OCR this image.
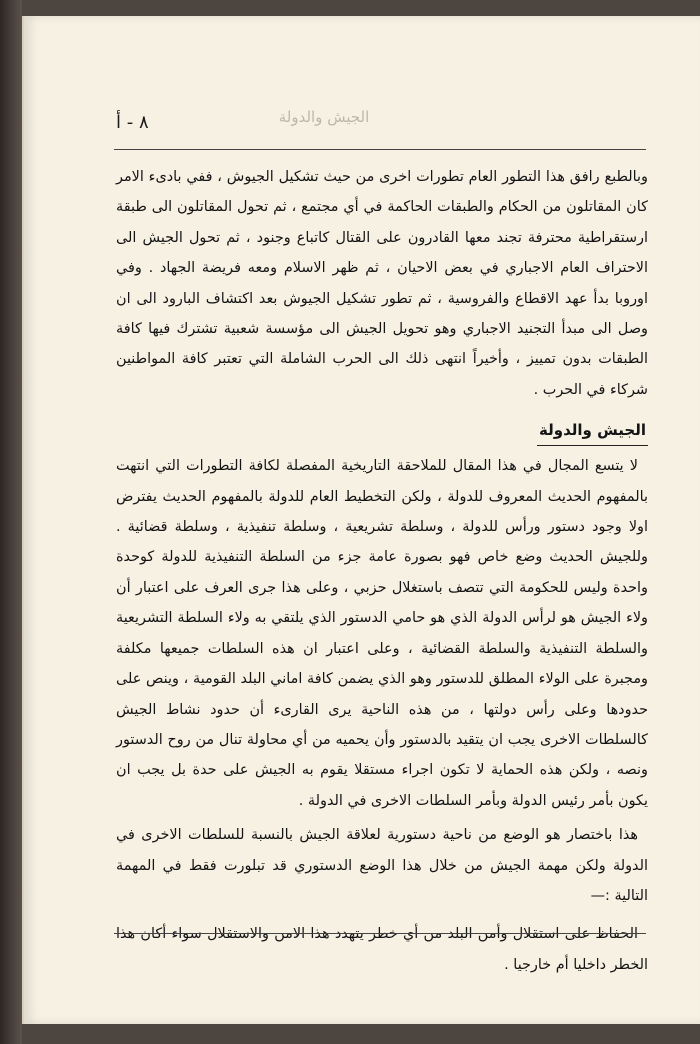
٨ - أ	الجيش والدولة

وبالطبع رافق هذا التطور العام تطورات اخرى من حيث تشكيل الجيوش ، ففي بادىء الامر كان المقاتلون من الحكام والطبقات الحاكمة في أي مجتمع ، ثم تحول المقاتلون الى طبقة ارستقراطية محترفة تجند معها القادرون على القتال كاتباع وجنود ، ثم تحول الجيش الى الاحتراف العام الاجباري في بعض الاحيان ، ثم ظهر الاسلام ومعه فريضة الجهاد . وفي اوروبا بدأ عهد الاقطاع والفروسية ، ثم تطور تشكيل الجيوش بعد اكتشاف البارود الى ان وصل الى مبدأ التجنيد الاجباري وهو تحويل الجيش الى مؤسسة شعبية تشترك فيها كافة الطبقات بدون تمييز ، وأخيراً انتهى ذلك الى الحرب الشاملة التي تعتبر كافة المواطنين شركاء في الحرب .

الجيش والدولة

لا يتسع المجال في هذا المقال للملاحقة التاريخية المفصلة لكافة التطورات التي انتهت بالمفهوم الحديث المعروف للدولة ، ولكن التخطيط العام للدولة بالمفهوم الحديث يفترض اولا وجود دستور ورأس للدولة ، وسلطة تشريعية ، وسلطة تنفيذية ، وسلطة قضائية . وللجيش الحديث وضع خاص فهو بصورة عامة جزء من السلطة التنفيذية للدولة كوحدة واحدة وليس للحكومة التي تتصف باستغلال حزبي ، وعلى هذا جرى العرف على اعتبار أن ولاء الجيش هو لرأس الدولة الذي هو حامي الدستور الذي يلتقي به ولاء السلطة التشريعية والسلطة التنفيذية والسلطة القضائية ، وعلى اعتبار ان هذه السلطات جميعها مكلفة ومجبرة على الولاء المطلق للدستور وهو الذي يضمن كافة اماني البلد القومية ، وينص على حدودها وعلى رأس دولتها ، من هذه الناحية يرى القارىء أن حدود نشاط الجيش كالسلطات الاخرى يجب ان يتقيد بالدستور وأن يحميه من أي محاولة تنال من روح الدستور ونصه ، ولكن هذه الحماية لا تكون اجراء مستقلا يقوم به الجيش على حدة بل يجب ان يكون بأمر رئيس الدولة وبأمر السلطات الاخرى في الدولة .

هذا باختصار هو الوضع من ناحية دستورية لعلاقة الجيش بالنسبة للسلطات الاخرى في الدولة ولكن مهمة الجيش من خلال هذا الوضع الدستوري قد تبلورت فقط في المهمة التالية :—

الحفاظ على استقلال وأمن البلد من أي خطر يتهدد هذا الامن والاستقلال سواء أكان هذا الخطر داخليا أم خارجيا .
